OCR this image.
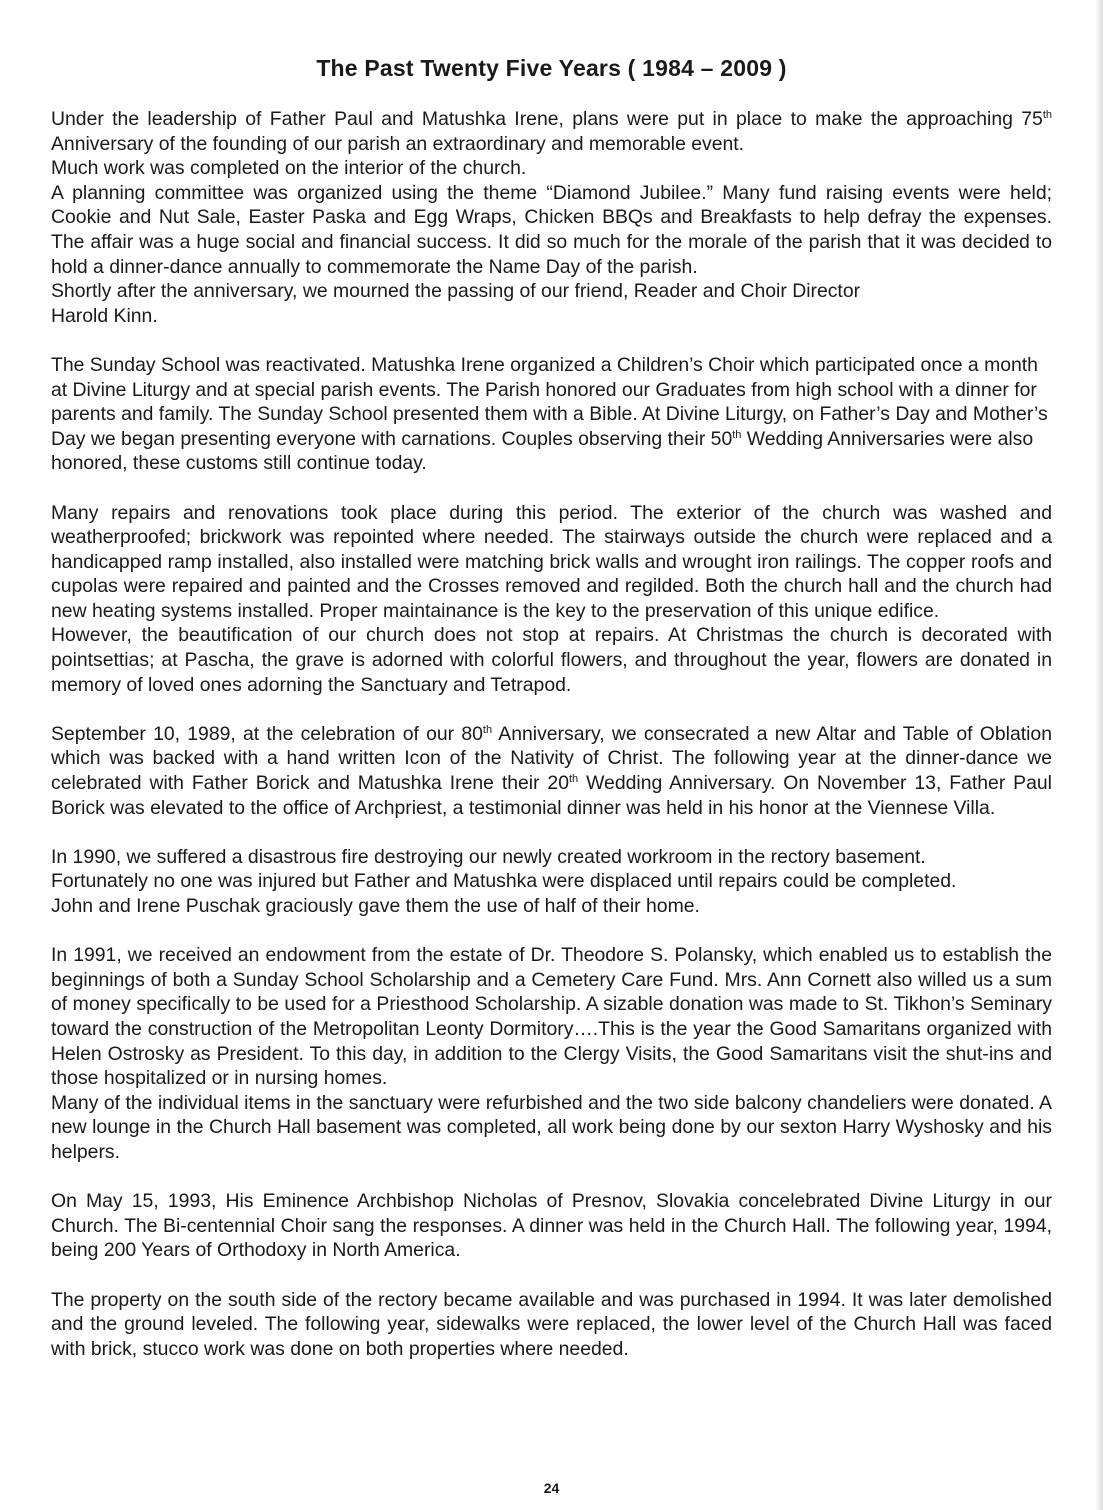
The Past Twenty Five Years ( 1984 – 2009 )

Under the leadership of Father Paul and Matushka Irene, plans were put in place to make the approaching 75th Anniversary of the founding of our parish an extraordinary and memorable event.

Much work was completed on the interior of the church.

A planning committee was organized using the theme “Diamond Jubilee.” Many fund raising events were held; Cookie and Nut Sale, Easter Paska and Egg Wraps, Chicken BBQs and Breakfasts to help defray the expenses. The affair was a huge social and financial success. It did so much for the morale of the parish that it was decided to hold a dinner-dance annually to commemorate the Name Day of the parish.

Shortly after the anniversary, we mourned the passing of our friend, Reader and Choir Director

Harold Kinn.

The Sunday School was reactivated. Matushka Irene organized a Children’s Choir which participated once a month at Divine Liturgy and at special parish events. The Parish honored our Graduates from high school with a dinner for parents and family. The Sunday School presented them with a Bible. At Divine Liturgy, on Father’s Day and Mother’s Day we began presenting everyone with carnations. Couples observing their 50th Wedding Anniversaries were also honored, these customs still continue today.

Many repairs and renovations took place during this period. The exterior of the church was washed and weatherproofed; brickwork was repointed where needed. The stairways outside the church were replaced and a handicapped ramp installed, also installed were matching brick walls and wrought iron railings. The copper roofs and cupolas were repaired and painted and the Crosses removed and regilded. Both the church hall and the church had new heating systems installed. Proper maintainance is the key to the preservation of this unique edifice.

However, the beautification of our church does not stop at repairs. At Christmas the church is decorated with pointsettias; at Pascha, the grave is adorned with colorful flowers, and throughout the year, flowers are donated in memory of loved ones adorning the Sanctuary and Tetrapod.

September 10, 1989, at the celebration of our 80th Anniversary, we consecrated a new Altar and Table of Oblation which was backed with a hand written Icon of the Nativity of Christ. The following year at the dinner-dance we celebrated with Father Borick and Matushka Irene their 20th Wedding Anniversary. On November 13, Father Paul Borick was elevated to the office of Archpriest, a testimonial dinner was held in his honor at the Viennese Villa.

In 1990, we suffered a disastrous fire destroying our newly created workroom in the rectory basement.

Fortunately no one was injured but Father and Matushka were displaced until repairs could be completed.

John and Irene Puschak graciously gave them the use of half of their home.

In 1991, we received an endowment from the estate of Dr. Theodore S. Polansky, which enabled us to establish the beginnings of both a Sunday School Scholarship and a Cemetery Care Fund. Mrs. Ann Cornett also willed us a sum of money specifically to be used for a Priesthood Scholarship. A sizable donation was made to St. Tikhon’s Seminary toward the construction of the Metropolitan Leonty Dormitory….This is the year the Good Samaritans organized with Helen Ostrosky as President. To this day, in addition to the Clergy Visits, the Good Samaritans visit the shut-ins and those hospitalized or in nursing homes.

Many of the individual items in the sanctuary were refurbished and the two side balcony chandeliers were donated. A new lounge in the Church Hall basement was completed, all work being done by our sexton Harry Wyshosky and his helpers.

On May 15, 1993, His Eminence Archbishop Nicholas of Presnov, Slovakia concelebrated Divine Liturgy in our Church. The Bi-centennial Choir sang the responses. A dinner was held in the Church Hall. The following year, 1994, being 200 Years of Orthodoxy in North America.

The property on the south side of the rectory became available and was purchased in 1994. It was later demolished and the ground leveled. The following year, sidewalks were replaced, the lower level of the Church Hall was faced with brick, stucco work was done on both properties where needed.

24
